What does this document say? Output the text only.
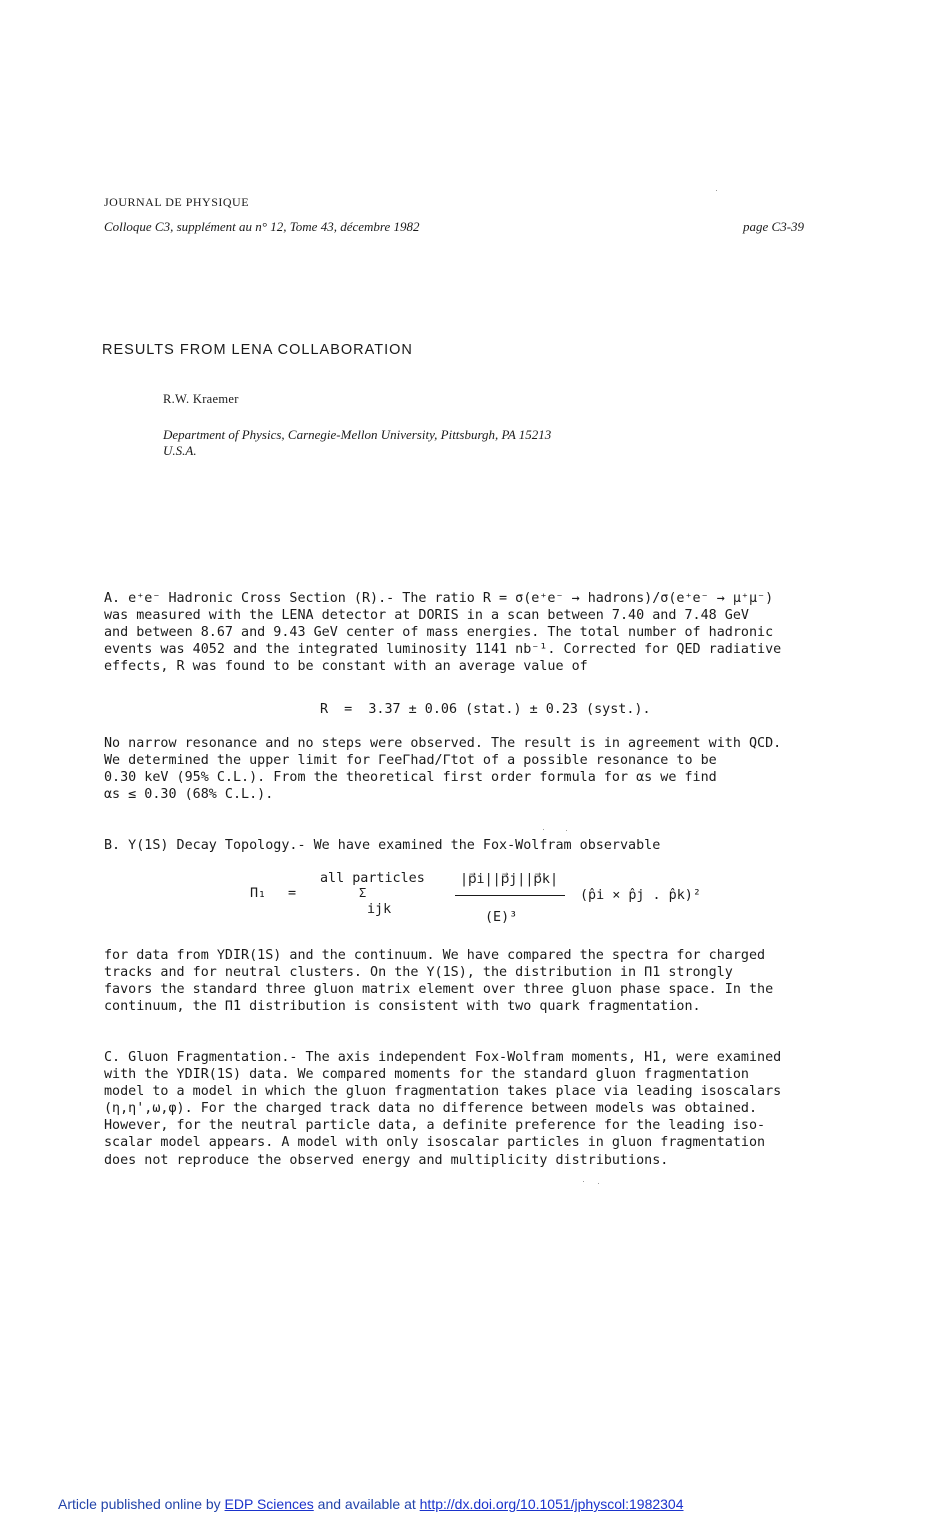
JOURNAL DE PHYSIQUE
Colloque C3, supplément au n° 12, Tome 43, décembre 1982	page C3-39
RESULTS FROM LENA COLLABORATION
R.W. Kraemer
Department of Physics, Carnegie-Mellon University, Pittsburgh, PA 15213
U.S.A.
A. e⁺e⁻ Hadronic Cross Section (R).- The ratio R = σ(e⁺e⁻ → hadrons)/σ(e⁺e⁻ → μ⁺μ⁻)
was measured with the LENA detector at DORIS in a scan between 7.40 and 7.48 GeV
and between 8.67 and 9.43 GeV center of mass energies. The total number of hadronic
events was 4052 and the integrated luminosity 1141 nb⁻¹. Corrected for QED radiative
effects, R was found to be constant with an average value of
R  =  3.37 ± 0.06 (stat.) ± 0.23 (syst.).
No narrow resonance and no steps were observed. The result is in agreement with QCD.
We determined the upper limit for ΓeeΓhad/Γtot of a possible resonance to be
0.30 keV (95% C.L.). From the theoretical first order formula for αs we find
αs ≤ 0.30 (68% C.L.).
B. Υ(1S) Decay Topology.- We have examined the Fox-Wolfram observable
Π₁ =
all particles
Σ
ijk
|p⃗i||p⃗j||p⃗k|
(E)³
(p̂i × p̂j . p̂k)²
for data from ΥDIR(1S) and the continuum. We have compared the spectra for charged
tracks and for neutral clusters. On the Υ(1S), the distribution in Π1 strongly
favors the standard three gluon matrix element over three gluon phase space. In the
continuum, the Π1 distribution is consistent with two quark fragmentation.
C. Gluon Fragmentation.- The axis independent Fox-Wolfram moments, H1, were examined
with the ΥDIR(1S) data. We compared moments for the standard gluon fragmentation
model to a model in which the gluon fragmentation takes place via leading isoscalars
(η,η',ω,φ). For the charged track data no difference between models was obtained.
However, for the neutral particle data, a definite preference for the leading iso-
scalar model appears. A model with only isoscalar particles in gluon fragmentation
does not reproduce the observed energy and multiplicity distributions.
Article published online by EDP Sciences and available at http://dx.doi.org/10.1051/jphyscol:1982304
